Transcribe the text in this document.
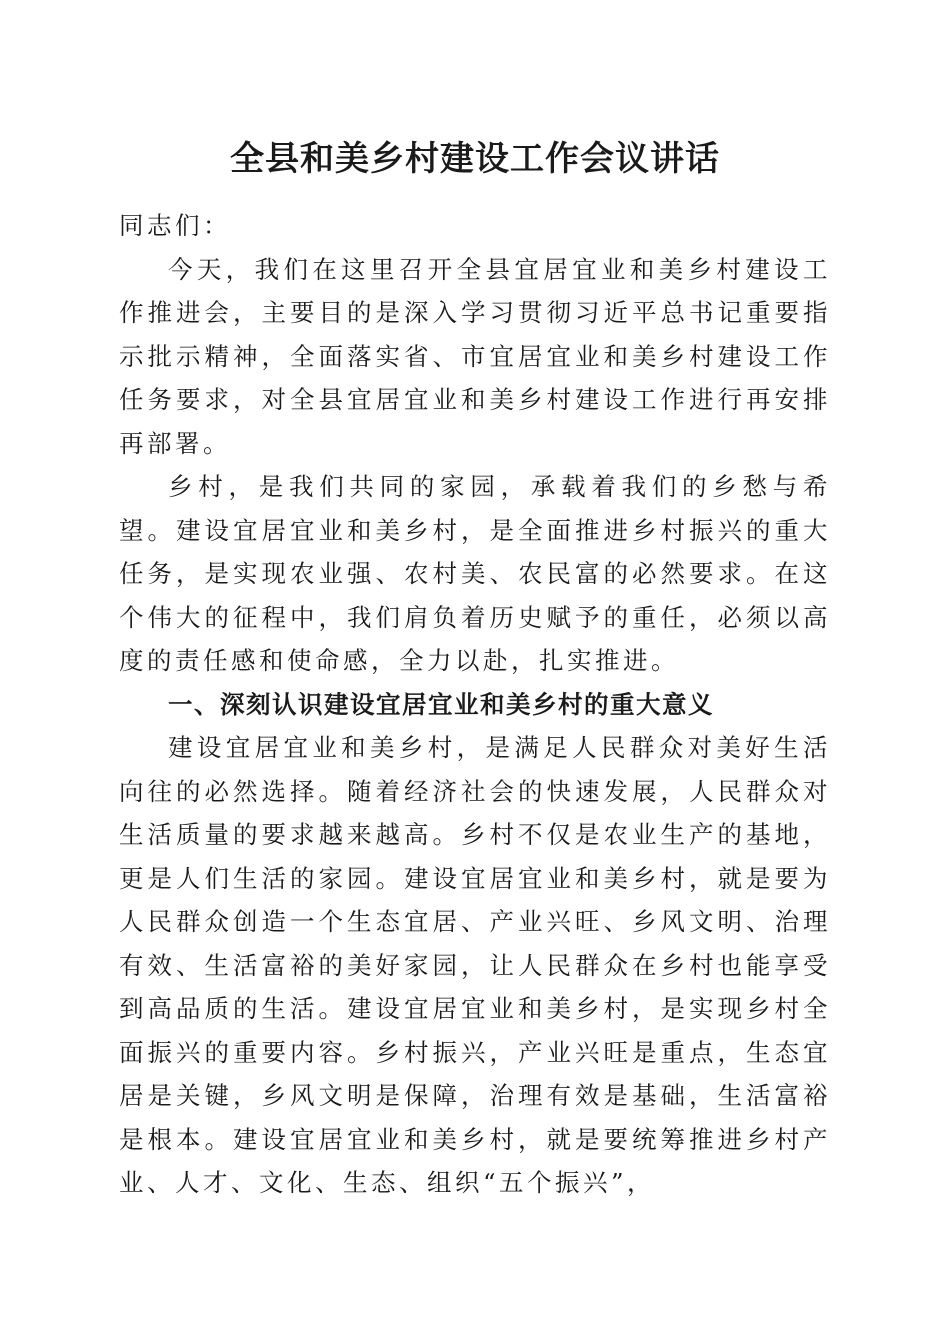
全县和美乡村建设工作会议讲话

同志们：

今天，我们在这里召开全县宜居宜业和美乡村建设工作推进会，主要目的是深入学习贯彻习近平总书记重要指示批示精神，全面落实省、市宜居宜业和美乡村建设工作任务要求，对全县宜居宜业和美乡村建设工作进行再安排再部署。

乡村，是我们共同的家园，承载着我们的乡愁与希望。建设宜居宜业和美乡村，是全面推进乡村振兴的重大任务，是实现农业强、农村美、农民富的必然要求。在这个伟大的征程中，我们肩负着历史赋予的重任，必须以高度的责任感和使命感，全力以赴，扎实推进。

一、深刻认识建设宜居宜业和美乡村的重大意义

建设宜居宜业和美乡村，是满足人民群众对美好生活向往的必然选择。随着经济社会的快速发展，人民群众对生活质量的要求越来越高。乡村不仅是农业生产的基地，更是人们生活的家园。建设宜居宜业和美乡村，就是要为人民群众创造一个生态宜居、产业兴旺、乡风文明、治理有效、生活富裕的美好家园，让人民群众在乡村也能享受到高品质的生活。建设宜居宜业和美乡村，是实现乡村全面振兴的重要内容。乡村振兴，产业兴旺是重点，生态宜居是关键，乡风文明是保障，治理有效是基础，生活富裕是根本。建设宜居宜业和美乡村，就是要统筹推进乡村产业、人才、文化、生态、组织“五个振兴”，
